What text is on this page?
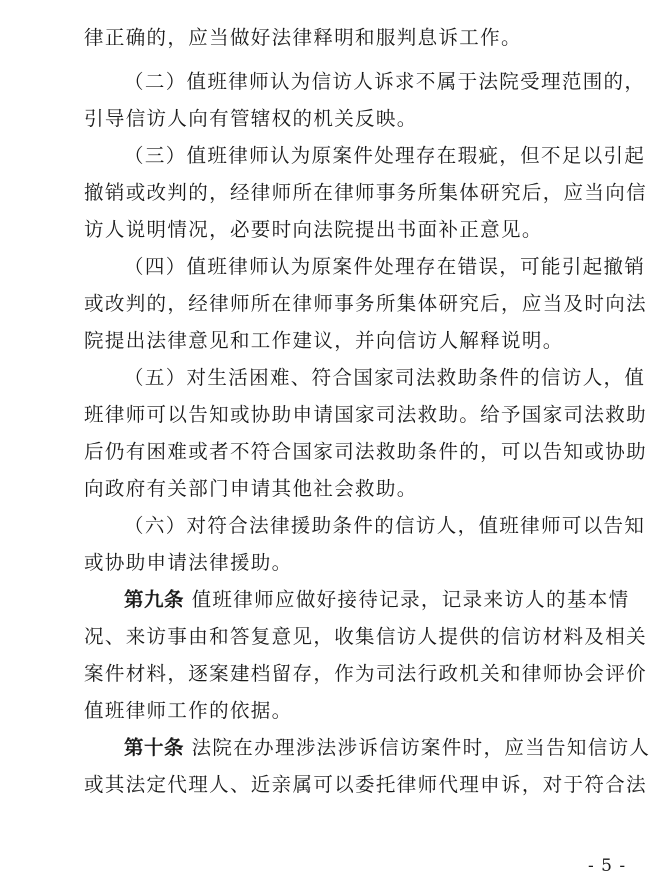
律正确的，应当做好法律释明和服判息诉工作。
（二）值班律师认为信访人诉求不属于法院受理范围的，
引导信访人向有管辖权的机关反映。
（三）值班律师认为原案件处理存在瑕疵，但不足以引起
撤销或改判的，经律师所在律师事务所集体研究后，应当向信
访人说明情况，必要时向法院提出书面补正意见。
（四）值班律师认为原案件处理存在错误，可能引起撤销
或改判的，经律师所在律师事务所集体研究后，应当及时向法
院提出法律意见和工作建议，并向信访人解释说明。
（五）对生活困难、符合国家司法救助条件的信访人，值
班律师可以告知或协助申请国家司法救助。给予国家司法救助
后仍有困难或者不符合国家司法救助条件的，可以告知或协助
向政府有关部门申请其他社会救助。
（六）对符合法律援助条件的信访人，值班律师可以告知
或协助申请法律援助。
第九条 值班律师应做好接待记录，记录来访人的基本情
况、来访事由和答复意见，收集信访人提供的信访材料及相关
案件材料，逐案建档留存，作为司法行政机关和律师协会评价
值班律师工作的依据。
第十条 法院在办理涉法涉诉信访案件时，应当告知信访人
或其法定代理人、近亲属可以委托律师代理申诉，对于符合法
- 5 -
